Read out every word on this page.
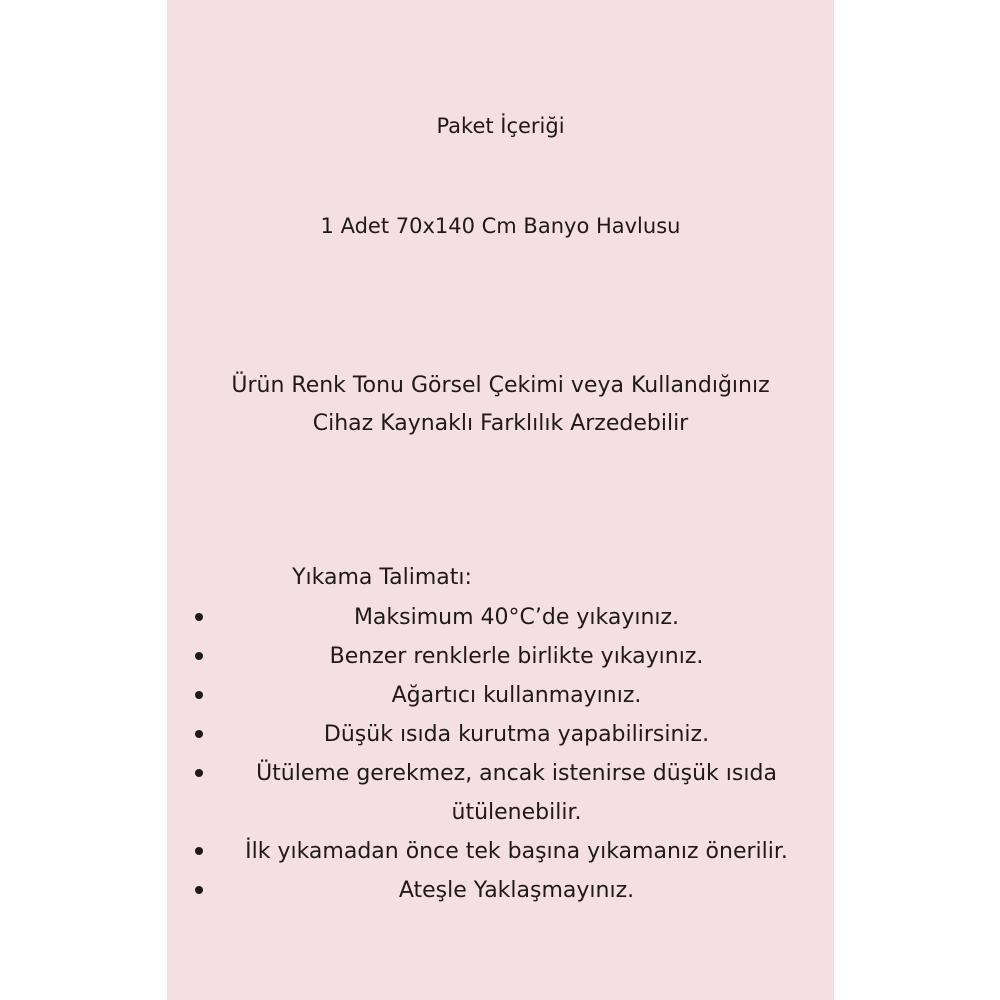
Paket İçeriği
1 Adet 70x140 Cm Banyo Havlusu
Ürün Renk Tonu Görsel Çekimi veya Kullandığınız
Cihaz Kaynaklı Farklılık Arzedebilir
Yıkama Talimatı:
Maksimum 40°C’de yıkayınız.
Benzer renklerle birlikte yıkayınız.
Ağartıcı kullanmayınız.
Düşük ısıda kurutma yapabilirsiniz.
Ütüleme gerekmez, ancak istenirse düşük ısıda ütülenebilir.
İlk yıkamadan önce tek başına yıkamanız önerilir.
Ateşle Yaklaşmayınız.
